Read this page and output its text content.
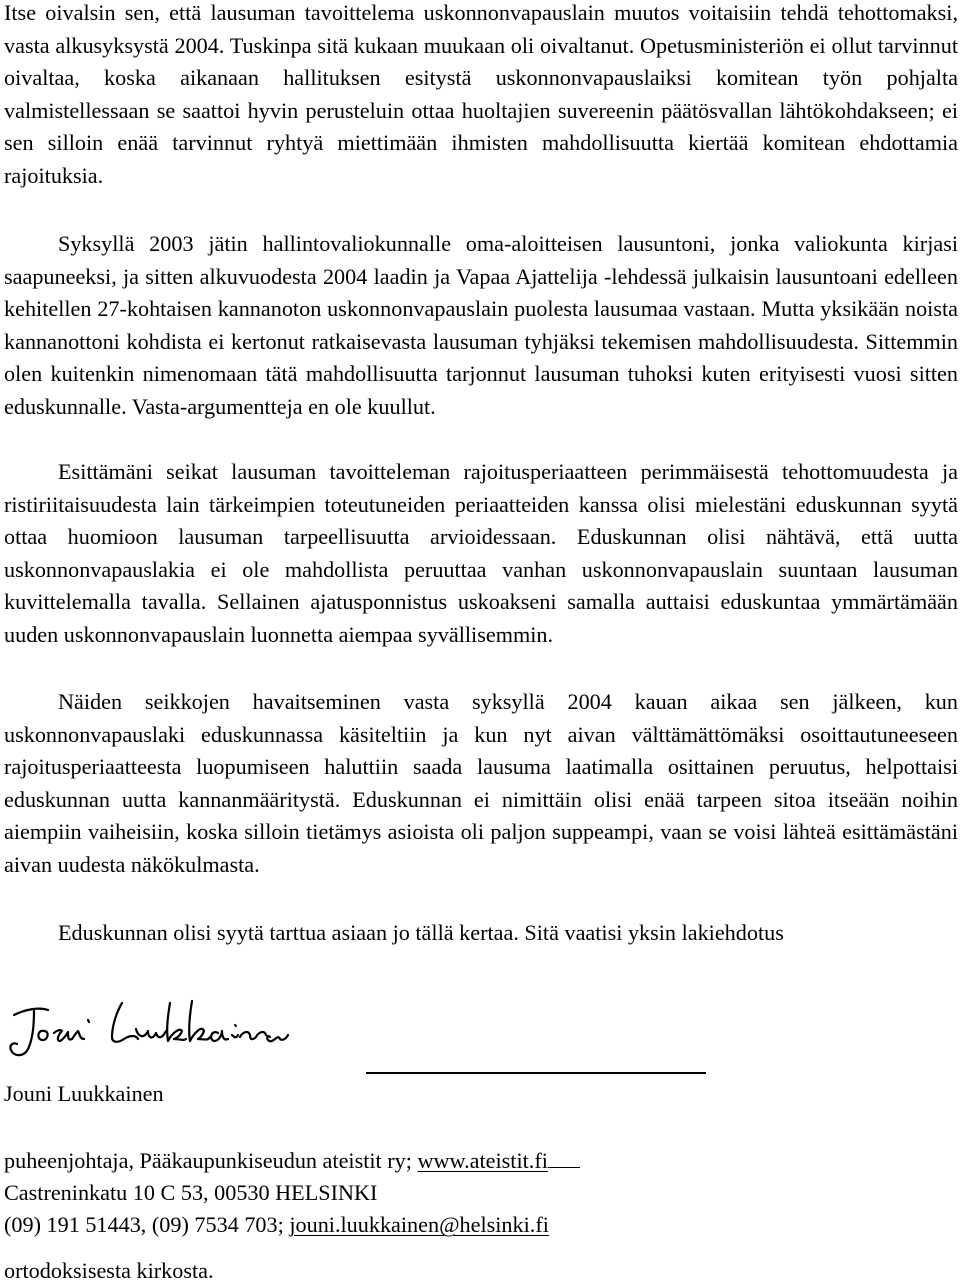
Itse oivalsin sen, että lausuman tavoittelema uskonnonvapauslain muutos voitaisiin tehdä tehottomaksi, vasta alkusyksystä 2004. Tuskinpa sitä kukaan muukaan oli oivaltanut. Opetusministeriön ei ollut tarvinnut oivaltaa, koska aikanaan hallituksen esitystä uskonnonvapauslaiksi komitean työn pohjalta valmistellessaan se saattoi hyvin perusteluin ottaa huoltajien suvereenin päätösvallan lähtökohdakseen; ei sen silloin enää tarvinnut ryhtyä miettimään ihmisten mahdollisuutta kiertää komitean ehdottamia rajoituksia.

Syksyllä 2003 jätin hallintovaliokunnalle oma-aloitteisen lausuntoni, jonka valiokunta kirjasi saapuneeksi, ja sitten alkuvuodesta 2004 laadin ja Vapaa Ajattelija -lehdessä julkaisin lausuntoani edelleen kehitellen 27-kohtaisen kannanoton uskonnonvapauslain puolesta lausumaa vastaan. Mutta yksikään noista kannanottoni kohdista ei kertonut ratkaisevasta lausuman tyhjäksi tekemisen mahdollisuudesta. Sittemmin olen kuitenkin nimenomaan tätä mahdollisuutta tarjonnut lausuman tuhoksi kuten erityisesti vuosi sitten eduskunnalle. Vasta-argumentteja en ole kuullut.

Esittämäni seikat lausuman tavoitteleman rajoitusperiaatteen perimmäisestä tehottomuudesta ja ristiriitaisuudesta lain tärkeimpien toteutuneiden periaatteiden kanssa olisi mielestäni eduskunnan syytä ottaa huomioon lausuman tarpeellisuutta arvioidessaan. Eduskunnan olisi nähtävä, että uutta uskonnonvapauslakia ei ole mahdollista peruuttaa vanhan uskonnonvapauslain suuntaan lausuman kuvittelemalla tavalla. Sellainen ajatusponnistus uskoakseni samalla auttaisi eduskuntaa ymmärtämään uuden uskonnonvapauslain luonnetta aiempaa syvällisemmin.

Näiden seikkojen havaitseminen vasta syksyllä 2004 kauan aikaa sen jälkeen, kun uskonnonvapauslaki eduskunnassa käsiteltiin ja kun nyt aivan välttämättömäksi osoittautuneeseen rajoitusperiaatteesta luopumiseen haluttiin saada lausuma laatimalla osittainen peruutus, helpottaisi eduskunnan uutta kannanmääritystä. Eduskunnan ei nimittäin olisi enää tarpeen sitoa itseään noihin aiempiin vaiheisiin, koska silloin tietämys asioista oli paljon suppeampi, vaan se voisi lähteä esittämästäni aivan uudesta näkökulmasta.

Eduskunnan olisi syytä tarttua asiaan jo tällä kertaa. Sitä vaatisi yksin lakiehdotus

Jouni Luukkainen
puheenjohtaja, Pääkaupunkiseudun ateistit ry; www.ateistit.fi
Castreninkatu 10 C 53, 00530 HELSINKI
(09) 191 51443, (09) 7534 703; jouni.luukkainen@helsinki.fi
ortodoksisesta kirkosta.
